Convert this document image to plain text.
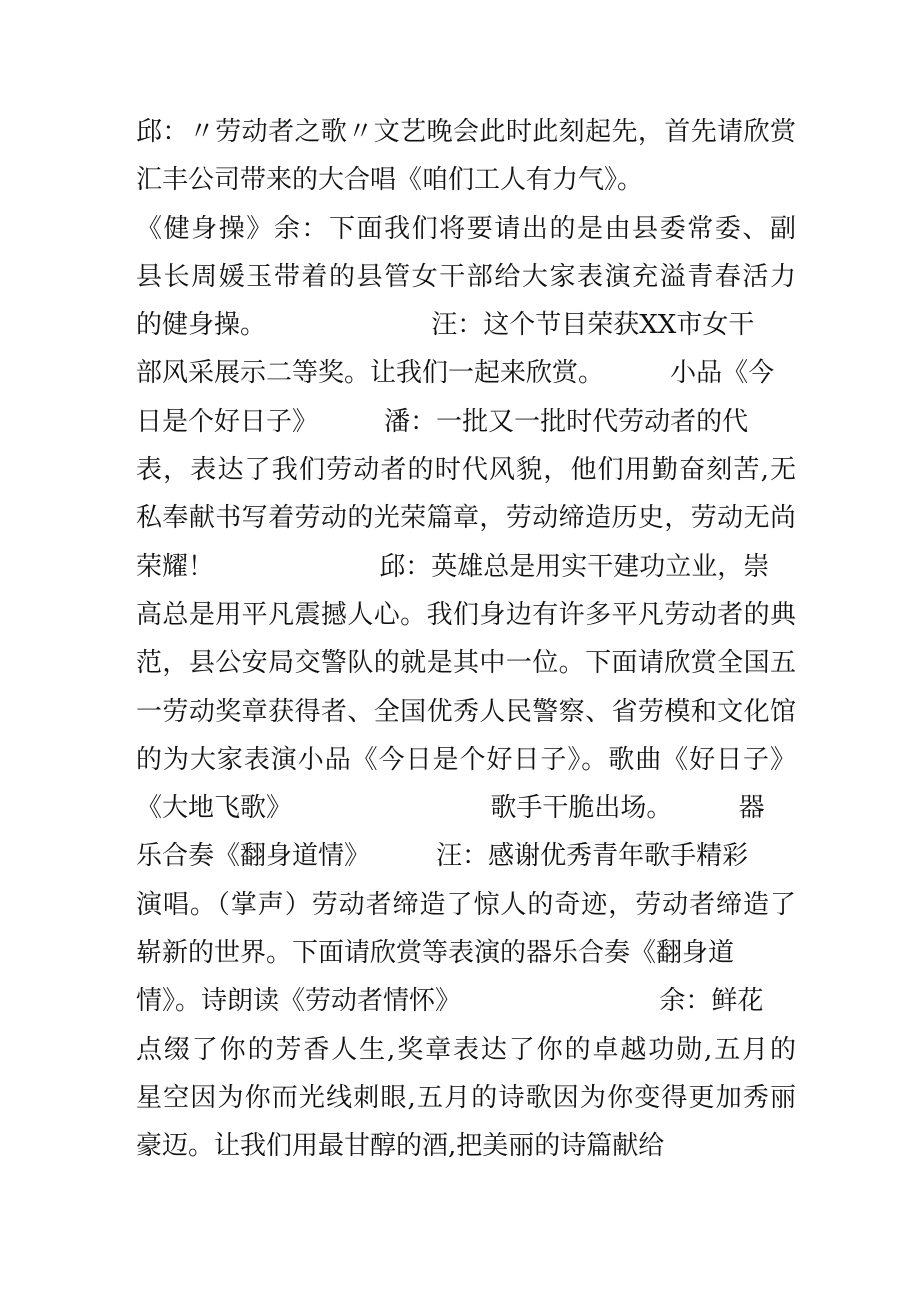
邱：〃劳动者之歌〃文艺晚会此时此刻起先，首先请欣赏
汇丰公司带来的大合唱《咱们工人有力气》。
《健身操》余：下面我们将要请出的是由县委常委、副
县长周媛玉带着的县管女干部给大家表演充溢青春活力
的健身操。                    汪：这个节目荣获XX市女干
部风采展示二等奖。让我们一起来欣赏。        小品《今
日是个好日子》        潘：一批又一批时代劳动者的代
表，表达了我们劳动者的时代风貌，他们用勤奋刻苦,无
私奉献书写着劳动的光荣篇章，劳动缔造历史，劳动无尚
荣耀！                    邱：英雄总是用实干建功立业，崇
高总是用平凡震撼人心。我们身边有许多平凡劳动者的典
范，县公安局交警队的就是其中一位。下面请欣赏全国五
一劳动奖章获得者、全国优秀人民警察、省劳模和文化馆
的为大家表演小品《今日是个好日子》。歌曲《好日子》
《大地飞歌》                        歌手干脆出场。        器
乐合奏《翻身道情》        汪：感谢优秀青年歌手精彩
演唱。（掌声）劳动者缔造了惊人的奇迹，劳动者缔造了
崭新的世界。下面请欣赏等表演的器乐合奏《翻身道
情》。诗朗读《劳动者情怀》                        余：鲜花
点缀了你的芳香人生,奖章表达了你的卓越功勋,五月的
星空因为你而光线刺眼,五月的诗歌因为你变得更加秀丽
豪迈。让我们用最甘醇的酒,把美丽的诗篇献给
